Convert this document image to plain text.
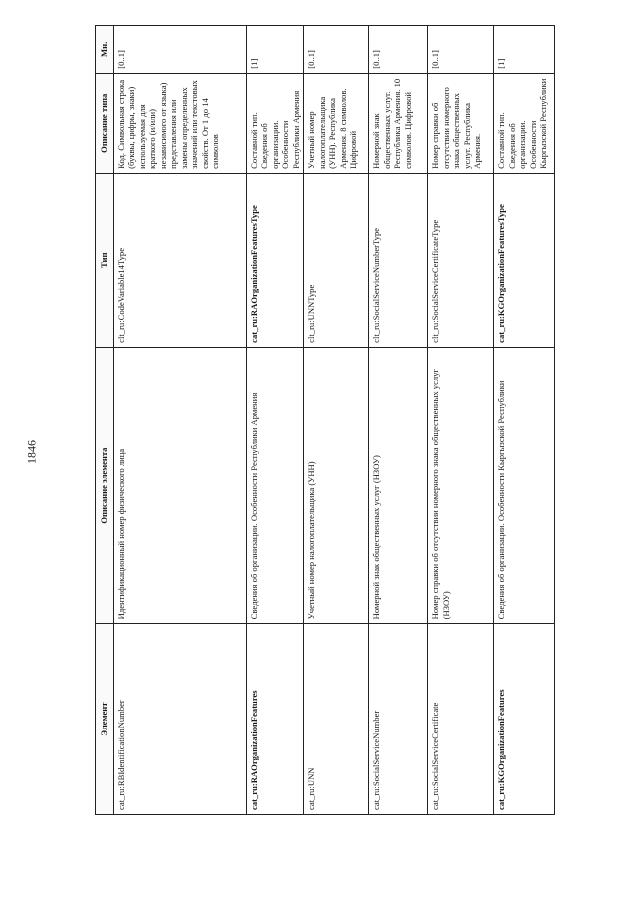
1846
Элемент	Описание элемента	Тип	Описание типа	Мн.
cat_ru:RBIdentificationNumber	Идентификационный номер физического лица	clt_ru:CodeVariable14Type	Код. Символьная строка (буквы, цифры, знаки) используемая для краткого (и/или) независимого от языка) представления или замены определенных значений или текстовых свойств. От 1 до 14 символов	[0..1]
cat_ru:RAOrganizationFeatures	Сведения об организации. Особенности Республики Армения	cat_ru:RAOrganizationFeaturesType	Составной тип. Сведения об организации. Особенности Республики Армения	[1]
cat_ru:UNN	Учетный номер налогоплательщика (УНН)	clt_ru:UNNType	Учетный номер налогоплательщика (УНН). Республика Армения. 8 символов. Цифровой	[0..1]
cat_ru:SocialServiceNumber	Номерной знак общественных услуг (НЗОУ)	clt_ru:SocialServiceNumberType	Номерной знак общественных услуг. Республика Армения. 10 символов. Цифровой	[0..1]
cat_ru:SocialServiceCertificate	Номер справки об отсутствии номерного знака общественных услуг (НЗОУ)	clt_ru:SocialServiceCertificateType	Номер справки об отсутствии номерного знака общественных услуг. Республика Армения.	[0..1]
cat_ru:KGOrganizationFeatures	Сведения об организации. Особенности Кыргызской Республики	cat_ru:KGOrganizationFeaturesType	Составной тип. Сведения об организации. Особенности Кыргызской Республики	[1]
